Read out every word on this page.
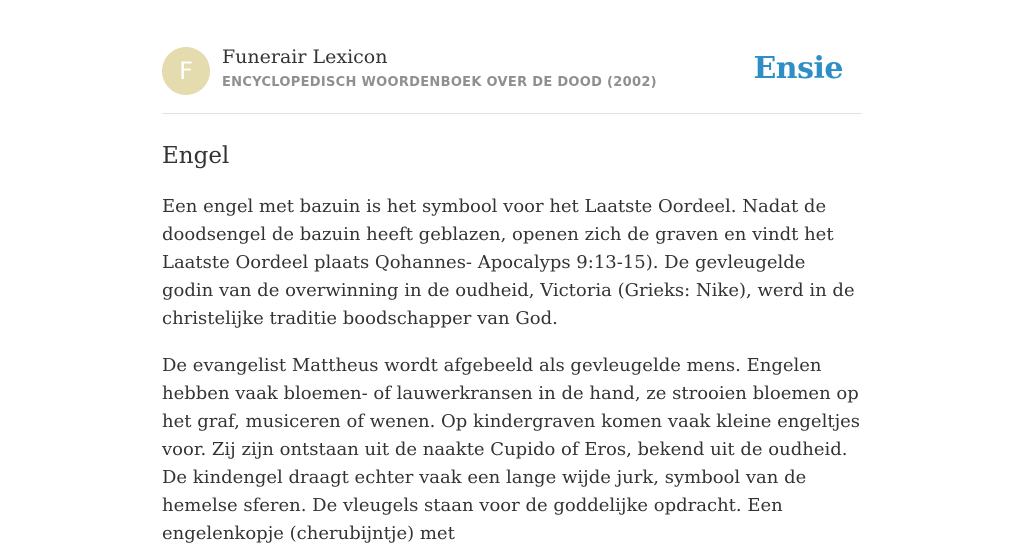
F	Funerair Lexicon
ENCYCLOPEDISCH WOORDENBOEK OVER DE DOOD (2002)	Ensie
Engel

Een engel met bazuin is het symbool voor het Laatste Oordeel. Nadat de doodsengel de bazuin heeft geblazen, openen zich de graven en vindt het Laatste Oordeel plaats Qohannes- Apocalyps 9:13-15). De gevleugelde godin van de overwinning in de oudheid, Victoria (Grieks: Nike), werd in de christelijke traditie boodschapper van God.

De evangelist Mattheus wordt afgebeeld als gevleugelde mens. Engelen hebben vaak bloemen- of lauwerkransen in de hand, ze strooien bloemen op het graf, musiceren of wenen. Op kindergraven komen vaak kleine engeltjes voor. Zij zijn ontstaan uit de naakte Cupido of Eros, bekend uit de oudheid. De kindengel draagt echter vaak een lange wijde jurk, symbool van de hemelse sferen. De vleugels staan voor de goddelijke opdracht. Een engelenkopje (cherubijntje) met
